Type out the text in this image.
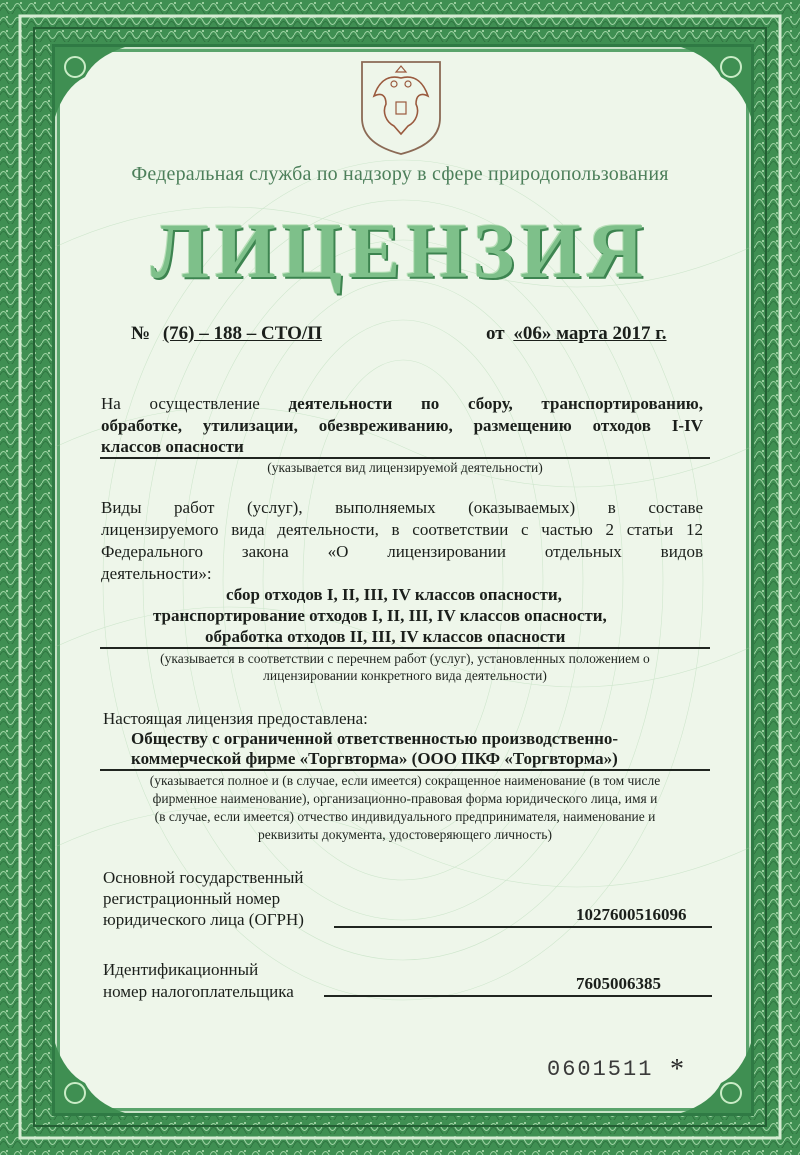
Федеральная служба по надзору в сфере природопользования
ЛИЦЕНЗИЯ
№ (76) – 188 – СТО/П	от «06» марта 2017 г.
На осуществление деятельности по сбору, транспортированию,
обработке, утилизации, обезвреживанию, размещению отходов I-IV
классов опасности
(указывается вид лицензируемой деятельности)
Виды работ (услуг), выполняемых (оказываемых) в составе
лицензируемого вида деятельности, в соответствии с частью 2 статьи 12
Федерального закона «О лицензировании отдельных видов
деятельности»:
сбор отходов I, II, III, IV классов опасности,
транспортирование отходов I, II, III, IV классов опасности,
обработка отходов II, III, IV классов опасности
(указывается в соответствии с перечнем работ (услуг), установленных положением о
лицензировании конкретного вида деятельности)
Настоящая лицензия предоставлена:
Обществу с ограниченной ответственностью производственно-
коммерческой фирме «Торгвторма» (ООО ПКФ «Торгвторма»)
(указывается полное и (в случае, если имеется) сокращенное наименование (в том числе
фирменное наименование), организационно-правовая форма юридического лица, имя и
(в случае, если имеется) отчество индивидуального предпринимателя, наименование и
реквизиты документа, удостоверяющего личность)
Основной государственный
регистрационный номер
юридического лица (ОГРН)	1027600516096
Идентификационный
номер налогоплательщика	7605006385
0601511 *
